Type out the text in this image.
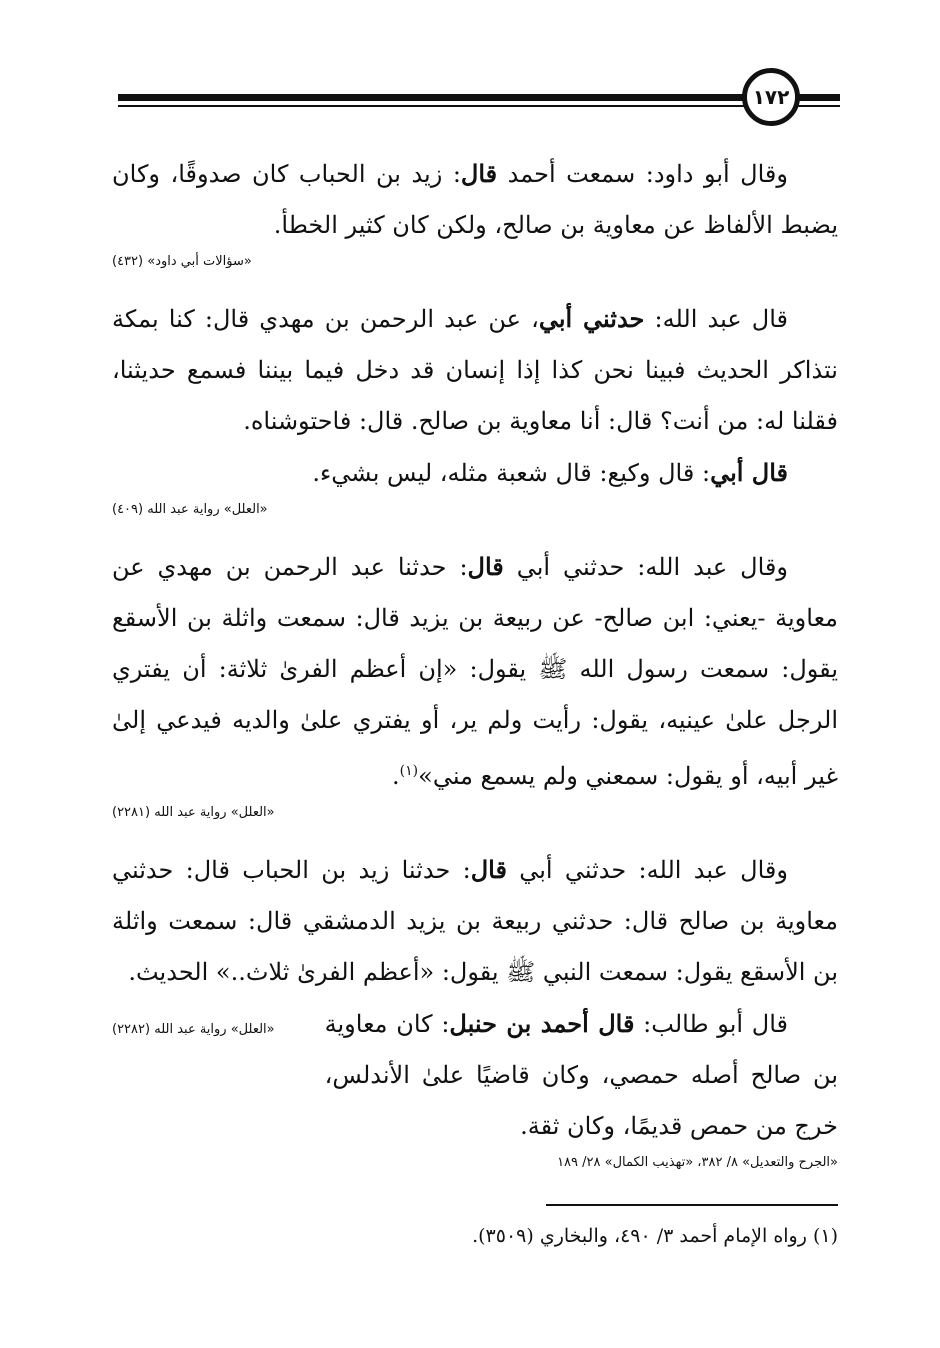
١٧٢

وقال أبو داود: سمعت أحمد قال: زيد بن الحباب كان صدوقًا، وكان يضبط الألفاظ عن معاوية بن صالح، ولكن كان كثير الخطأ.

«سؤالات أبي داود» (٤٣٢)

قال عبد الله: حدثني أبي، عن عبد الرحمن بن مهدي قال: كنا بمكة نتذاكر الحديث فبينا نحن كذا إذا إنسان قد دخل فيما بيننا فسمع حديثنا، فقلنا له: من أنت؟ قال: أنا معاوية بن صالح. قال: فاحتوشناه.

قال أبي: قال وكيع: قال شعبة مثله، ليس بشيء.

«العلل» رواية عبد الله (٤٠٩)

وقال عبد الله: حدثني أبي قال: حدثنا عبد الرحمن بن مهدي عن معاوية -يعني: ابن صالح- عن ربيعة بن يزيد قال: سمعت واثلة بن الأسقع يقول: سمعت رسول الله ﷺ يقول: «إن أعظم الفرىٰ ثلاثة: أن يفتري الرجل علىٰ عينيه، يقول: رأيت ولم ير، أو يفتري علىٰ والديه فيدعي إلىٰ غير أبيه، أو يقول: سمعني ولم يسمع مني»$^{(١)}$.

«العلل» رواية عبد الله (٢٢٨١)

وقال عبد الله: حدثني أبي قال: حدثنا زيد بن الحباب قال: حدثني معاوية بن صالح قال: حدثني ربيعة بن يزيد الدمشقي قال: سمعت واثلة بن الأسقع يقول: سمعت النبي ﷺ يقول: «أعظم الفرىٰ ثلاث..» الحديث.
«العلل» رواية عبد الله (٢٢٨٢)	قال أبو طالب: قال أحمد بن حنبل: كان معاوية بن صالح أصله حمصي، وكان قاضيًا علىٰ الأندلس، خرج من حمص قديمًا، وكان ثقة.

«الجرح والتعديل» ٨/ ٣٨٢، «تهذيب الكمال» ٢٨/ ١٨٩

(١) رواه الإمام أحمد ٣/ ٤٩٠، والبخاري (٣٥٠٩).
